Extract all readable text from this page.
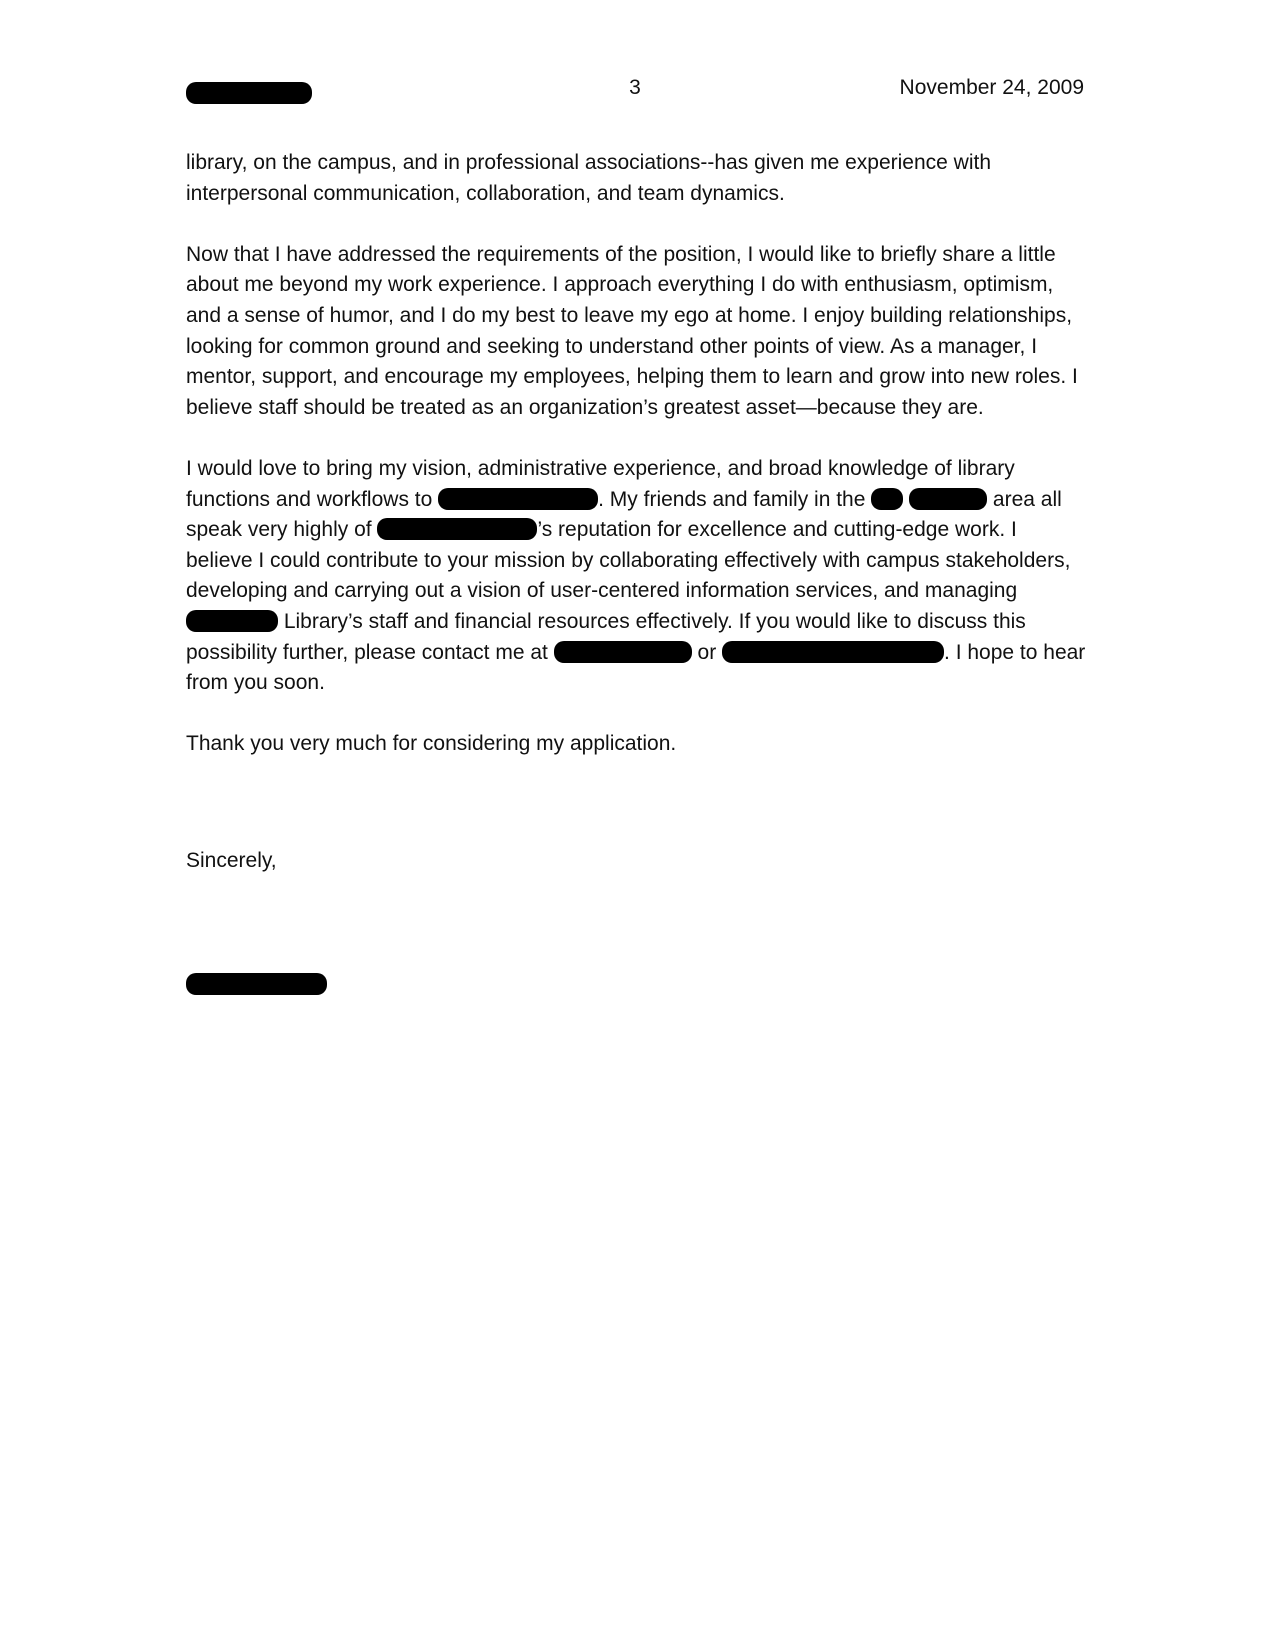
3	November 24, 2009

library, on the campus, and in professional associations--has given me experience with interpersonal communication, collaboration, and team dynamics.

Now that I have addressed the requirements of the position, I would like to briefly share a little about me beyond my work experience. I approach everything I do with enthusiasm, optimism, and a sense of humor, and I do my best to leave my ego at home. I enjoy building relationships, looking for common ground and seeking to understand other points of view. As a manager, I mentor, support, and encourage my employees, helping them to learn and grow into new roles. I believe staff should be treated as an organization’s greatest asset—because they are.

I would love to bring my vision, administrative experience, and broad knowledge of library functions and workflows to	. My friends and family in the	area all speak very highly of	’s reputation for excellence and cutting-edge work. I believe I could contribute to your mission by collaborating effectively with campus stakeholders, developing and carrying out a vision of user-centered information services, and managing  Library’s staff and financial resources effectively. If you would like to discuss this possibility further, please contact me at	or	. I hope to hear from you soon.

Thank you very much for considering my application.

Sincerely,
